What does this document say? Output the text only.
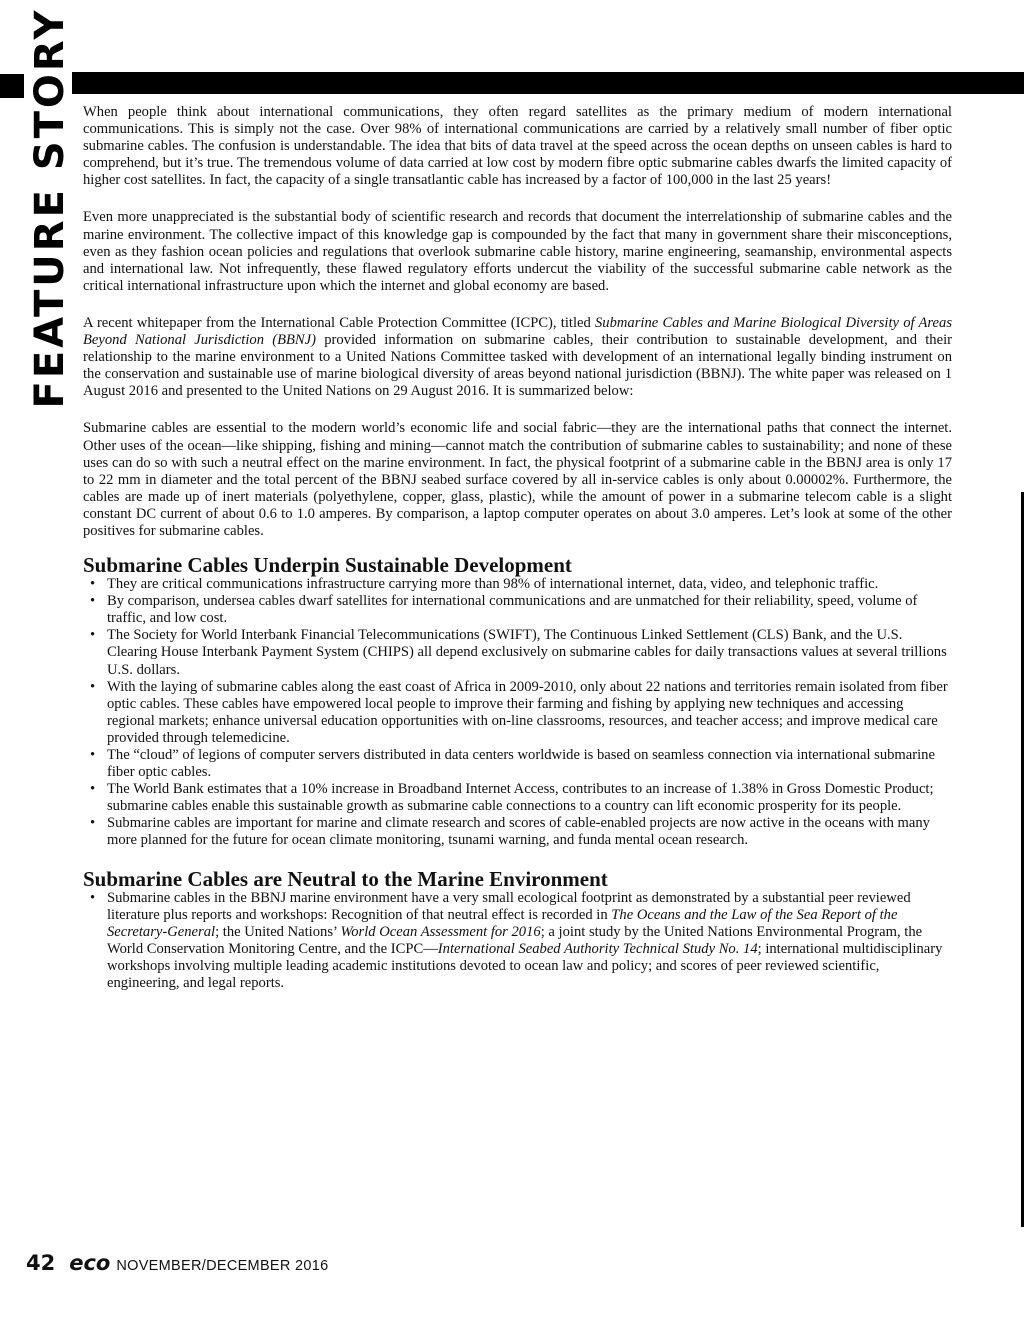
FEATURE STORY When people think about international communications, they often regard satellites as the primary medium of modern international communications. This is simply not the case. Over 98% of international communications are carried by a relatively small number of fiber optic submarine cables. The confusion is understandable. The idea that bits of data travel at the speed across the ocean depths on unseen cables is hard to comprehend, but it’s true. The tremendous volume of data carried at low cost by modern fibre optic submarine cables dwarfs the limited capacity of higher cost satellites. In fact, the capacity of a single transatlantic cable has increased by a factor of 100,000 in the last 25 years!

Even more unappreciated is the substantial body of scientific research and records that document the interrelationship of submarine cables and the marine environment. The collective impact of this knowledge gap is compounded by the fact that many in government share their misconceptions, even as they fashion ocean policies and regulations that overlook submarine cable history, marine engineering, seamanship, environmental aspects and international law. Not infrequently, these flawed regulatory efforts undercut the viability of the successful submarine cable network as the critical international infrastructure upon which the internet and global economy are based.

A recent whitepaper from the International Cable Protection Committee (ICPC), titled Submarine Cables and Marine Biological Diversity of Areas Beyond National Jurisdiction (BBNJ) provided information on submarine cables, their contribution to sustainable development, and their relationship to the marine environment to a United Nations Committee tasked with development of an international legally binding instrument on the conservation and sustainable use of marine biological diversity of areas beyond national jurisdiction (BBNJ). The white paper was released on 1 August 2016 and presented to the United Nations on 29 August 2016. It is summarized below:

Submarine cables are essential to the modern world’s economic life and social fabric—they are the international paths that connect the internet. Other uses of the ocean—like shipping, fishing and mining—cannot match the contribution of submarine cables to sustainability; and none of these uses can do so with such a neutral effect on the marine environment. In fact, the physical footprint of a submarine cable in the BBNJ area is only 17 to 22 mm in diameter and the total percent of the BBNJ seabed surface covered by all in-service cables is only about 0.00002%. Furthermore, the cables are made up of inert materials (polyethylene, copper, glass, plastic), while the amount of power in a submarine telecom cable is a slight constant DC current of about 0.6 to 1.0 amperes. By comparison, a laptop computer operates on about 3.0 amperes. Let’s look at some of the other positives for submarine cables.

Submarine Cables Underpin Sustainable Development
• They are critical communications infrastructure carrying more than 98% of international internet, data, video, and telephonic traffic.
• By comparison, undersea cables dwarf satellites for international communications and are unmatched for their reliability, speed, volume of traffic, and low cost.
• The Society for World Interbank Financial Telecommunications (SWIFT), The Continuous Linked Settlement (CLS) Bank, and the U.S. Clearing House Interbank Payment System (CHIPS) all depend exclusively on submarine cables for daily transactions values at several trillions U.S. dollars.
• With the laying of submarine cables along the east coast of Africa in 2009-2010, only about 22 nations and territories remain isolated from fiber optic cables. These cables have empowered local people to improve their farming and fishing by applying new techniques and accessing regional markets; enhance universal education opportunities with on-line classrooms, resources, and teacher access; and improve medical care provided through telemedicine.
• The “cloud” of legions of computer servers distributed in data centers worldwide is based on seamless connection via international submarine fiber optic cables.
• The World Bank estimates that a 10% increase in Broadband Internet Access, contributes to an increase of 1.38% in Gross Domestic Product; submarine cables enable this sustainable growth as submarine cable connections to a country can lift economic prosperity for its people.
• Submarine cables are important for marine and climate research and scores of cable-enabled projects are now active in the oceans with many more planned for the future for ocean climate monitoring, tsunami warning, and funda mental ocean research.
Submarine Cables are Neutral to the Marine Environment
• Submarine cables in the BBNJ marine environment have a very small ecological footprint as demonstrated by a substantial peer reviewed literature plus reports and workshops: Recognition of that neutral effect is recorded in The Oceans and the Law of the Sea Report of the Secretary-General; the United Nations’ World Ocean Assessment for 2016; a joint study by the United Nations Environmental Program, the World Conservation Monitoring Centre, and the ICPC—International Seabed Authority Technical Study No. 14; international multidisciplinary workshops involving multiple leading academic institutions devoted to ocean law and policy; and scores of peer reviewed scientific, engineering, and legal reports.
42 eco NOVEMBER/DECEMBER 2016
